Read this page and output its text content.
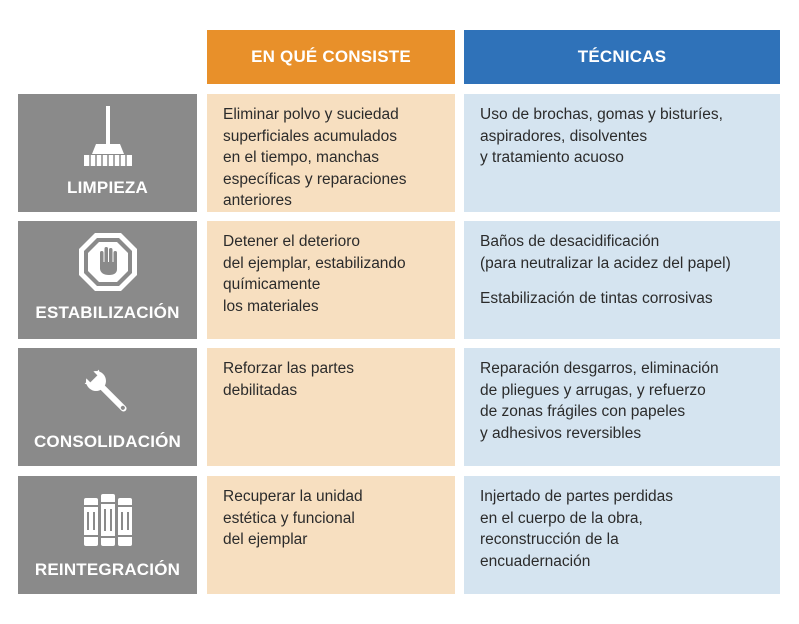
EN QUÉ CONSISTE	TÉCNICAS
LIMPIEZA
Eliminar polvo y suciedad
superficiales acumulados
en el tiempo, manchas
específicas y reparaciones
anteriores
Uso de brochas, gomas y bisturíes,
aspiradores, disolventes
y tratamiento acuoso
ESTABILIZACIÓN
Detener el deterioro
del ejemplar, estabilizando
químicamente
los materiales
Baños de desacidificación
(para neutralizar la acidez del papel)
Estabilización de tintas corrosivas
CONSOLIDACIÓN
Reforzar las partes
debilitadas
Reparación desgarros, eliminación
de pliegues y arrugas, y refuerzo
de zonas frágiles con papeles
y adhesivos reversibles
REINTEGRACIÓN
Recuperar la unidad
estética y funcional
del ejemplar
Injertado de partes perdidas
en el cuerpo de la obra,
reconstrucción de la
encuadernación
